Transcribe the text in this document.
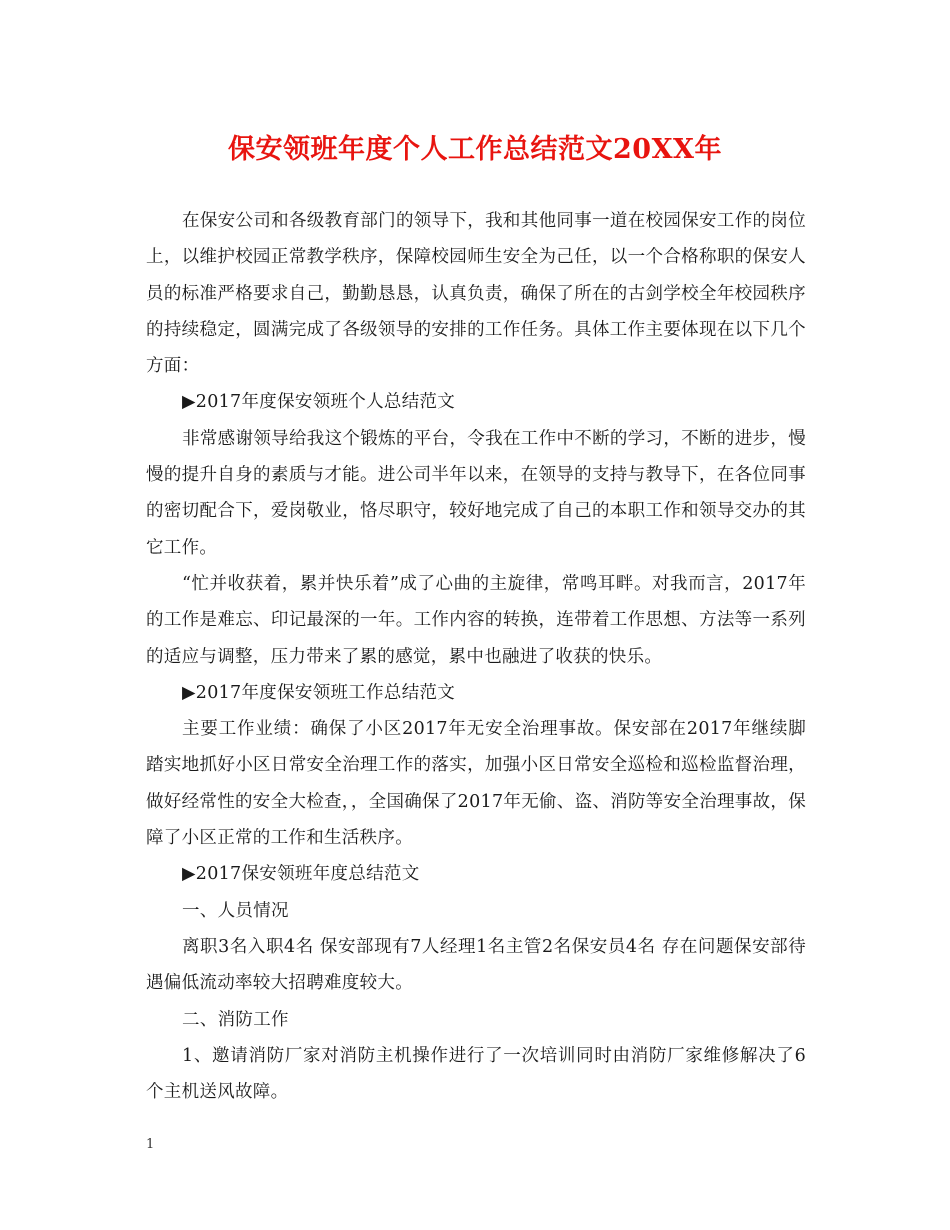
保安领班年度个人工作总结范文20XX年

在保安公司和各级教育部门的领导下，我和其他同事一道在校园保安工作的岗位上，以维护校园正常教学秩序，保障校园师生安全为己任，以一个合格称职的保安人员的标准严格要求自己，勤勤恳恳，认真负责，确保了所在的古剑学校全年校园秩序的持续稳定，圆满完成了各级领导的安排的工作任务。具体工作主要体现在以下几个方面：

▶2017年度保安领班个人总结范文

非常感谢领导给我这个锻炼的平台，令我在工作中不断的学习，不断的进步，慢慢的提升自身的素质与才能。进公司半年以来，在领导的支持与教导下，在各位同事的密切配合下，爱岗敬业，恪尽职守，较好地完成了自己的本职工作和领导交办的其它工作。

“忙并收获着，累并快乐着”成了心曲的主旋律，常鸣耳畔。对我而言，2017年的工作是难忘、印记最深的一年。工作内容的转换，连带着工作思想、方法等一系列的适应与调整，压力带来了累的感觉，累中也融进了收获的快乐。

▶2017年度保安领班工作总结范文

主要工作业绩：确保了小区2017年无安全治理事故。保安部在2017年继续脚踏实地抓好小区日常安全治理工作的落实，加强小区日常安全巡检和巡检监督治理，做好经常性的安全大检查，，全国确保了2017年无偷、盗、消防等安全治理事故，保障了小区正常的工作和生活秩序。

▶2017保安领班年度总结范文

一、人员情况

离职3名入职4名 保安部现有7人经理1名主管2名保安员4名 存在问题保安部待遇偏低流动率较大招聘难度较大。

二、消防工作

1、邀请消防厂家对消防主机操作进行了一次培训同时由消防厂家维修解决了6个主机送风故障。

1
